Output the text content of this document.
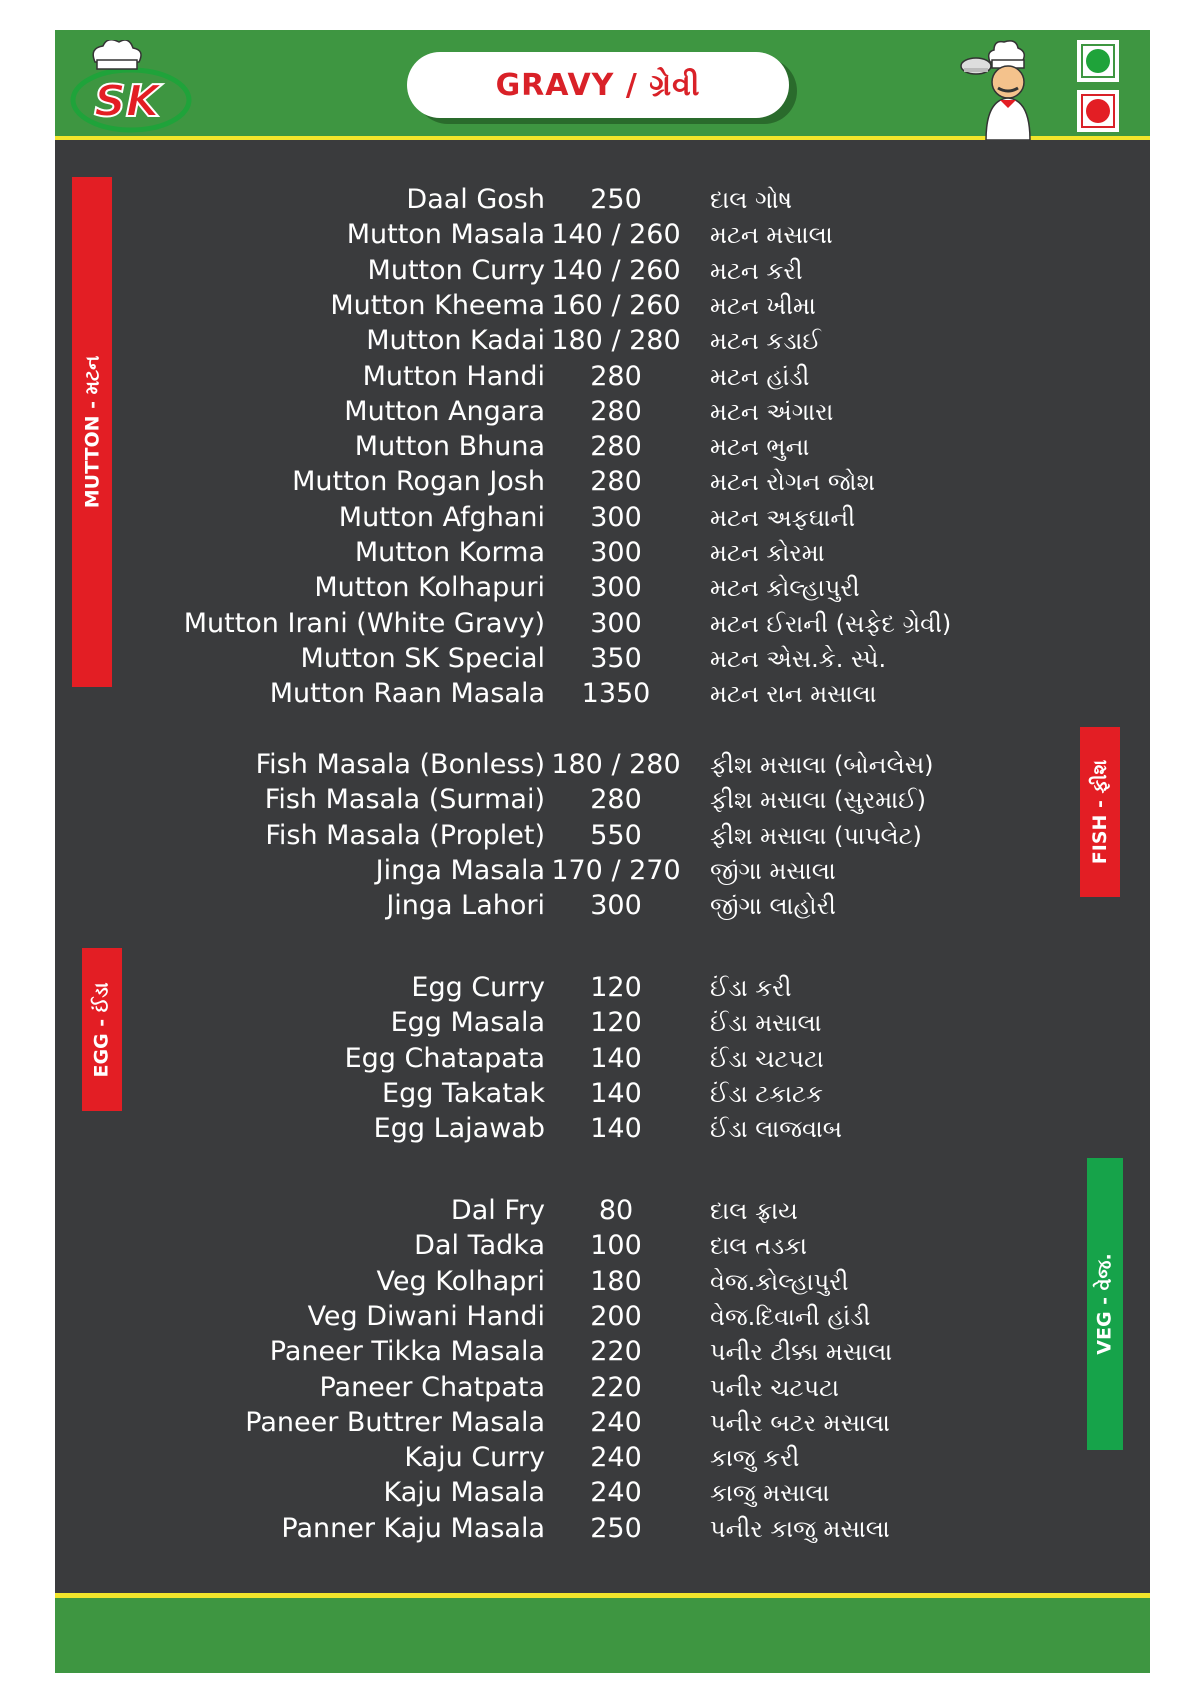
SK	GRAVY / ગ્રેવી
MUTTON - મટન
EGG - ઈંડા
FISH - ફીશ
VEG - વેજ.
Daal Gosh	250	દાલ ગોષ
Mutton Masala 140 / 260	મટન મસાલા
Mutton Curry 140 / 260	મટન કરી
Mutton Kheema 160 / 260	મટન ખીમા
Mutton Kadai 180 / 280	મટન કડાઈ
Mutton Handi	280	મટન હાંડી
Mutton Angara	280	મટન અંગારા
Mutton Bhuna	280	મટન ભુના
Mutton Rogan Josh	280	મટન રોગન જોશ
Mutton Afghani	300	મટન અફઘાની
Mutton Korma	300	મટન કોરમા
Mutton Kolhapuri	300	મટન કોલ્હાપુરી
Mutton Irani (White Gravy)	300	મટન ઈરાની (સફેદ ગ્રેવી)
Mutton SK Special	350	મટન એસ.કે. સ્પે.
Mutton Raan Masala	1350	મટન રાન મસાલા
Fish Masala (Bonless) 180 / 280	ફીશ મસાલા (બોનલેસ)
Fish Masala (Surmai)	280	ફીશ મસાલા (સુરમાઈ)
Fish Masala (Proplet)	550	ફીશ મસાલા (પાપલેટ)
Jinga Masala 170 / 270	જીંગા મસાલા
Jinga Lahori	300	જીંગા લાહોરી
Egg Curry	120	ઈંડા કરી
Egg Masala	120	ઈંડા મસાલા
Egg Chatapata	140	ઈંડા ચટપટા
Egg Takatak	140	ઈંડા ટકાટક
Egg Lajawab	140	ઈંડા લાજવાબ
Dal Fry	80	દાલ ફ્રાય
Dal Tadka	100	દાલ તડકા
Veg Kolhapri	180	વેજ.કોલ્હાપુરી
Veg Diwani Handi	200	વેજ.દિવાની હાંડી
Paneer Tikka Masala	220	પનીર ટીક્કા મસાલા
Paneer Chatpata	220	પનીર ચટપટા
Paneer Buttrer Masala	240	પનીર બટર મસાલા
Kaju Curry	240	કાજુ કરી
Kaju Masala	240	કાજુ મસાલા
Panner Kaju Masala	250	પનીર કાજુ મસાલા
